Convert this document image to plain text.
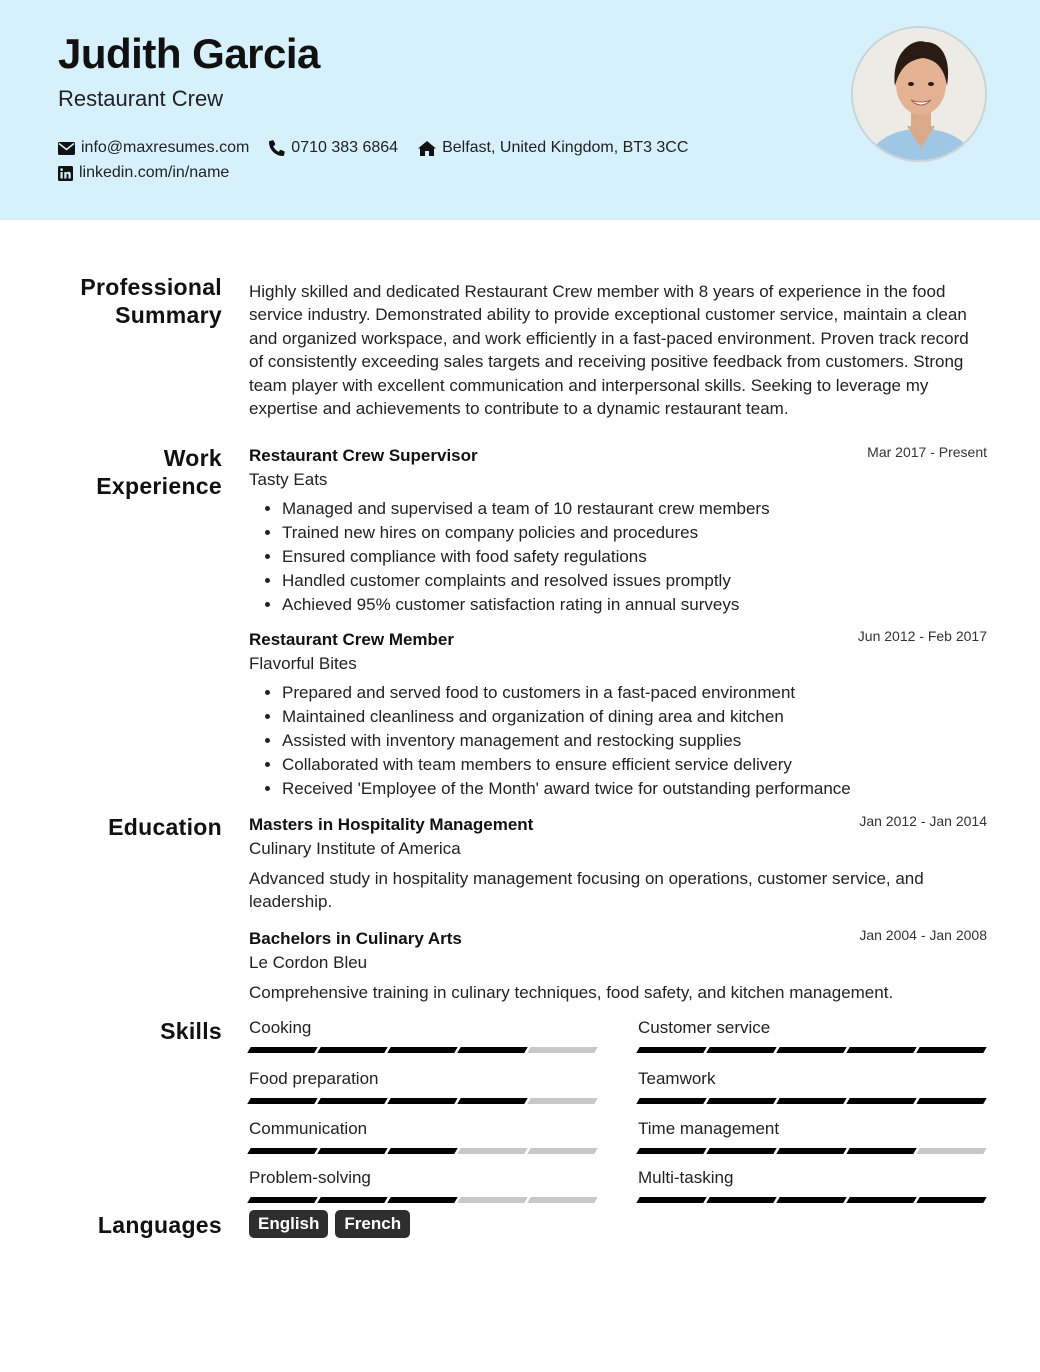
Judith Garcia
Restaurant Crew
info@maxresumes.com	0710 383 6864	Belfast, United Kingdom, BT3 3CC
linkedin.com/in/name
Professional
Summary

Highly skilled and dedicated Restaurant Crew member with 8 years of experience in the food service industry. Demonstrated ability to provide exceptional customer service, maintain a clean and organized workspace, and work efficiently in a fast-paced environment. Proven track record of consistently exceeding sales targets and receiving positive feedback from customers. Strong team player with excellent communication and interpersonal skills. Seeking to leverage my expertise and achievements to contribute to a dynamic restaurant team.

Work
Experience
Restaurant Crew Supervisor	Mar 2017 - Present
Tasty Eats
• Managed and supervised a team of 10 restaurant crew members
• Trained new hires on company policies and procedures
• Ensured compliance with food safety regulations
• Handled customer complaints and resolved issues promptly
• Achieved 95% customer satisfaction rating in annual surveys
Restaurant Crew Member	Jun 2012 - Feb 2017
Flavorful Bites
• Prepared and served food to customers in a fast-paced environment
• Maintained cleanliness and organization of dining area and kitchen
• Assisted with inventory management and restocking supplies
• Collaborated with team members to ensure efficient service delivery
• Received 'Employee of the Month' award twice for outstanding performance
Education Masters in Hospitality Management	Jan 2012 - Jan 2014
Culinary Institute of America

Advanced study in hospitality management focusing on operations, customer service, and leadership.

Bachelors in Culinary Arts	Jan 2004 - Jan 2008
Le Cordon Bleu

Comprehensive training in culinary techniques, food safety, and kitchen management.

Skills Cooking	Customer service
Food preparation	Teamwork
Communication	Time management
Problem-solving	Multi-tasking
Languages	English	French
